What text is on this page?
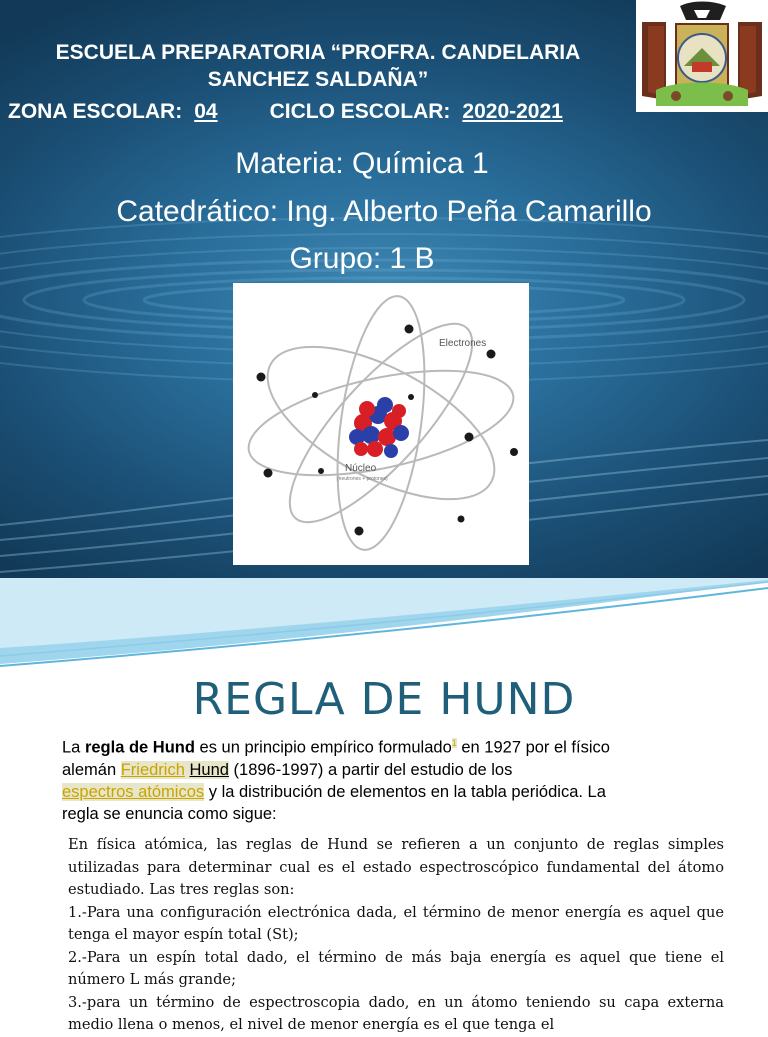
ESCUELA PREPARATORIA “PROFRA. CANDELARIA
SANCHEZ SALDAÑA”
ZONA ESCOLAR: 04 CICLO ESCOLAR: 2020-2021
Materia: Química 1
Catedrático: Ing. Alberto Peña Camarillo
Grupo: 1 B
Electrones
Núcleo
(neutrones + protones)
REGLA DE HUND
La regla de Hund es un principio empírico formulado$^1$ en 1927 por el físico
alemán Friedrich Hund (1896-1997) a partir del estudio de los
espectros atómicos y la distribución de elementos en la tabla periódica. La
regla se enuncia como sigue:

En física atómica, las reglas de Hund se refieren a un conjunto de reglas simples utilizadas para determinar cual es el estado espectroscópico fundamental del átomo estudiado. Las tres reglas son:

1.-Para una configuración electrónica dada, el término de menor energía es aquel que tenga el mayor espín total (St);

2.-Para un espín total dado, el término de más baja energía es aquel que tiene el número L más grande;

3.-para un término de espectroscopia dado, en un átomo teniendo su capa externa medio llena o menos, el nivel de menor energía es el que tenga el
